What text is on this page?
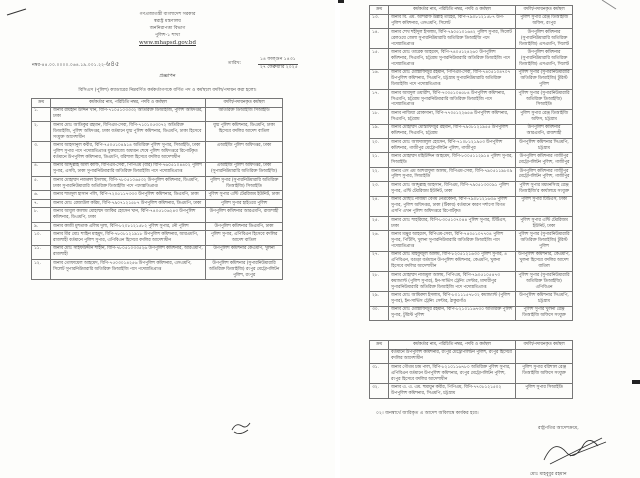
গণপ্রজাতন্ত্রী বাংলাদেশ সরকার
স্বরাষ্ট্র মন্ত্রণালয়
জননিরাপত্তা বিভাগ
পুলিশ-১ শাখা
www.mhapsd.gov.bd
নম্বর-৪৪.০০.০০০০.০৬৪.১৯.০০১.২২-৬৪৫	তারিখ:
১৪ ফাল্গুন ১৪৩১
২৭ ফেব্রুয়ারি ২০২৫
প্রজ্ঞাপন
বিসিএস (পুলিশ) ক্যাডারের নিম্নবর্ণিত কর্মকর্তাগণকে বর্ণিত পদ ও কর্মস্থলে বদলি/পদায়ন করা হলো।
ক্রম	কর্মকর্তার নাম, পরিচিতি নম্বর, পদবি ও কর্মস্থল	বদলি/পদায়নকৃত কর্মস্থল
১.	জনাব রায়হান উদ্দিন খান, বিপি-৭১০৫১০৩৩৩২ অতিরিক্ত ডিআইজি, পুলিশ অধিদপ্তর, ঢাকা	অতিরিক্ত ডিআইজি সিআইডি
২.	জনাব মোঃ আতিকুর রহমান, বিপিএম-সেবা, বিপি-৭১০১০৫৩০৭২ অতিরিক্ত ডিআইজি, পুলিশ অধিদপ্তর, ঢাকা বর্তমানে যুগ্ম পুলিশ কমিশনার, ডিএমপি, ঢাকা হিসেবে সংযুক্ত আদেশাধীন	যুগ্ম পুলিশ কমিশনার, ডিএমপি, ঢাকা হিসেবে বদলির আদেশ বাতিল
৩.	জনাব আহসানুল কবীর, বিপি-৭৫০৫১০৪৯১৪ অতিরিক্ত পুলিশ সুপার, সিআইডি, ঢাকা পুলিশ সুপার পদে পদোন্নতিপ্রাপ্ত যুক্তরাজ্যে অধ্যয়ন শেষে পুলিশ অধিদপ্তরে রিপোর্টকৃত বর্তমানে উপপুলিশ কমিশনার, ডিএমপি, বরিশাল হিসেবে বদলির আদেশাধীন	এআইজি পুলিশ অধিদপ্তর, ঢাকা
৪.	জনাব আব্দুল্লাহ আল কাফি, বিপিএম-সেবা, পিপিএম (বার) বিপি-৭৬০৫১০৪৪০২ পুলিশ সুপার, এসবি, ঢাকা সুপারনিউমারারি অতিরিক্ত ডিআইজি পদে পদোন্নতিপ্রাপ্ত	এআইজি পুলিশ অধিদপ্তর, ঢাকা (সুপারনিউমারারি অতিরিক্ত ডিআইজি)
৫.	জনাব মোহাম্মদ নজরুল ইসলাম, বিপি-৭৮০৫১০৬৫৩২ উপপুলিশ কমিশনার, ডিএমপি, ঢাকা সুপারনিউমারারি অতিরিক্ত ডিআইজি পদে পদোন্নতিপ্রাপ্ত	পুলিশ সুপার (সুপারনিউমারারি অতিরিক্ত ডিআইজি) সিআইডি
৬.	জনাব শামসুল হাসান পলি, বিপি-৭২০৫১১৭৩৩৩ উপপুলিশ কমিশনার, ডিএমপি, ঢাকা	পুলিশ সুপার এন্টি টেররিজম ইউনিট, ঢাকা
৭.	জনাব মোঃ রেজাউল করিম, বিপি-৭৯০৭১২১৫৮৭ উপপুলিশ কমিশনার, ডিএমপি, ঢাকা	পুলিশ সুপার হাইওয়ে পুলিশ
৮.	জনাব আবুল কালাম মোহাম্মদ জাকির হোসেন খান, বিপি-৭৪০৫১০৬২৪৩ উপপুলিশ কমিশনার, ডিএমপি, ঢাকা	উপপুলিশ কমিশনার আরএমপি, রাজশাহী
৯.	জনাব কাজী মুশতাক এলিম দুলা, বিপি-৮২০৮১২১৫৮২ পুলিশ সুপার, নৌ পুলিশ	উপপুলিশ কমিশনার ডিএমপি, ঢাকা
১০.	জনাব মীর মোঃ শাহিন মাহমুদ, বিপি-৭৮০৮১২১৯১৮ উপপুলিশ কমিশনার, আরএমপি, রাজশাহী বর্তমানে পুলিশ সুপার, এপিবিএন হিসেবে বদলির আদেশাধীন	পুলিশ সুপার, এপিবিএন হিসেবে বদলির আদেশ বাতিল
১১.	জনাব মোঃ সাইফউদ্দীন শাহীন, বিপি-৭৮০৫১০৩৩৫২৬ উপপুলিশ কমিশনার, আরএমপি, রাজশাহী	উপপুলিশ কমিশনার কেএমপি, খুলনা
১২.	জনাব তোফায়েল আহমেদ, বিপি-৭৫০৩০১৪২৫৬ উপপুলিশ কমিশনার, এসএমপি, সিলেট সুপারনিউমারারি অতিরিক্ত ডিআইজি পদে পদোন্নতিপ্রাপ্ত	উপপুলিশ কমিশনার (সুপারনিউমারারি অতিরিক্ত ডিআইজি) রংপুর মেট্রোপলিটন পুলিশ, রংপুর
ক্রম	কর্মকর্তার নাম, পরিচিতি নম্বর, পদবি ও কর্মস্থল	বদলি/পদায়নকৃত কর্মস্থল
১৩.	জনাব বি. এম. আশরাফ উল্লাহ তাহের, বিপি-৭৯০৮১২১৫৮৭ উপ-পুলিশ কমিশনার, এসএমপি, সিলেট	পুলিশ সুপার রেঞ্জ ডিআইজি অফিস, রংপুর
১৪.	জনাব শেখ শহীদুল ইসলাম, বিপি-৭৯০৫১০১৬৪২ পুলিশ সুপার, সিলেট রেলওয়ে জেলা সুপারনিউমারারি অতিরিক্ত ডিআইজি পদে পদোন্নতিপ্রাপ্ত	উপপুলিশ কমিশনার (সুপারনিউমারারি অতিরিক্ত ডিআইজি) এসএমপি, সিলেট
১৫.	জনাব মোঃ তারেক আহমেদ, বিপি-৭৪০৫১২৪২৬০ উপপুলিশ কমিশনার, সিএমপি, চট্টগ্রাম সুপারনিউমারারি অতিরিক্ত ডিআইজি পদে পদোন্নতিপ্রাপ্ত	উপপুলিশ কমিশনার (সুপারনিউমারারি অতিরিক্ত ডিআইজি) এসএমপি, সিলেট
১৬.	জনাব মোঃ মোস্তাফিজুর রহমান, পিপিএম-সেবা, বিপি-৭৪০৫১০৪৭০৭ উপপুলিশ কমিশনার, সিএমপি, চট্টগ্রাম সুপারনিউমারারি অতিরিক্ত ডিআইজি পদে পদোন্নতিপ্রাপ্ত	পুলিশ সুপার (সুপারনিউমারারি অতিরিক্ত ডিআইজি) টুরিস্ট পুলিশ
১৭.	জনাব আবদুল ওয়ারীশ, বিপি-৭৩০৫১০৪৫৮৪ উপপুলিশ কমিশনার, সিএমপি, চট্টগ্রাম সুপারনিউমারারি অতিরিক্ত ডিআইজি পদে পদোন্নতিপ্রাপ্ত	পুলিশ সুপার (সুপারনিউমারারি অতিরিক্ত ডিআইজি) সিআইডি
১৮.	জনাব নাজিয়া রোকসানা, বিপি-৭৭০৫১২২৬৫৬ উপপুলিশ কমিশনার, সিএমপি, চট্টগ্রাম	পুলিশ সুপার রেঞ্জ ডিআইজি অফিস, চট্টগ্রাম
১৯.	জনাব মোহাম্মদ মোস্তাফিজুর রহমান, বিপি-৭৯০৮১২১৯৫৫ উপপুলিশ কমিশনার, সিএমপি, চট্টগ্রাম	উপপুলিশ কমিশনার আরএমপি, রাজশাহী
২০.	জনাব মোঃ আফজালুল হোসেন, বিপি-৭১০৮১২১৯৫৩ উপপুলিশ কমিশনার, গাজীপুর মেট্রোপলিটন পুলিশ, গাজীপুর	উপপুলিশ কমিশনার সিএমপি, চট্টগ্রাম
২১.	জনাব মোহাম্মদ মহিউদ্দিন আহমেদ, বিপি-৮০০৫১১২৯১৪ পুলিশ সুপার, সিআইডি	উপপুলিশ কমিশনার গাজীপুর মেট্রোপলিটন পুলিশ, গাজীপুর
২২.	জনাব এস এম আশরাফুল আলম, বিপিএম-সেবা, বিপি-৭৯০৫১১৯৮০৯ পুলিশ সুপার, সিআইডি	উপপুলিশ কমিশনার গাজীপুর মেট্রোপলিটন পুলিশ, গাজীপুর
২৩.	জনাব মোঃ আব্দুল্লাহ আহসান, বিপিএম, বিপি-৭৯০৫১৩০০৯১ পুলিশ সুপার, এন্টি টেররিজম ইউনিট, ঢাকা	পুলিশ সুপার ময়মনসিংহ রেঞ্জ ডিআইজি'র কার্যালয়ে সংযুক্ত
২৪.	জনাব মোছাঃ নাজমা বেগম নেত্রকোনা, বিপি-৭৯০৮১২১৬৩৬ পুলিশ সুপার, পুলিশ অধিদপ্তর, ঢাকা (টিকায়) বর্তমানে কারণ দর্শাণো বিগত এসপি এখন পুলিশ অধিদপ্তরে রিপোর্টকৃত	পুলিশ সুপার টিটিএস, ঢাকা
২৫.	জনাব মোঃ শাহরিয়ার, বিপি-৮৩০৫১০৭০৪৪ পুলিশ সুপার, টিটিএস, ঢাকা	পুলিশ সুপার এন্টি টেররিজম ইউনিট, ঢাকা
২৬.	জনাব মঞ্জুর আহমেদ, বিপিএম-সেবা, বিপি-৭৪০৫১০৭৭০৪ পুলিশ সুপার, পিটিসি, খুলনা সুপারনিউমারারি অতিরিক্ত ডিআইজি পদে পদোন্নতিপ্রাপ্ত	পুলিশ সুপার (সুপারনিউমারারি অতিরিক্ত ডিআইজি) টুরিস্ট পুলিশ
২৭.	জনাব মোঃ মাহফুজুল আলম, বিপি-৮২০৫১২১৬৩৩ পুলিশ সুপার, ৪ এপিবিএন, বগুড়া বর্তমানে উপপুলিশ কমিশনার, কেএমপি, খুলনা হিসেবে বদলির আদেশাধীন	উপপুলিশ কমিশনার, কেএমপি, খুলনা হিসেবে বদলির আদেশ বাতিল
২৮.	জনাব মোহাম্মদ নাজমুল আলম, পিপিএম, বিপি-৭৯০৫১০৫৪৭৩ কমান্ড্যান্ট (পুলিশ সুপার), ইন-সার্ভিস ট্রেনিং সেন্টার, মাদারীপুর সুপারনিউমারারি অতিরিক্ত ডিআইজি পদে পদোন্নতিপ্রাপ্ত	পুলিশ সুপার (সুপারনিউমারারি অতিরিক্ত ডিআইজি) এপিবিএন
২৯.	জনাব মোঃ আমিরুল ইসলাম, বিপি-৮০১১১৫৭৮০২ কমান্ড্যান্ট (পুলিশ সুপার), ইন-সার্ভিস ট্রেনিং সেন্টার, ঠাকুরগাঁও	উপপুলিশ কমিশনার সিএমপি, চট্টগ্রাম
৩০.	জনাব মোঃ মোস্তাফিজুর রহমান, বিপি-৮২১০১১৬৭৩০ অতিরিক্ত পুলিশ সুপার, টুরিস্ট পুলিশ	পুলিশ সুপার খুলনা রেঞ্জ ডিআইজি অফিসে সংযুক্ত
ক্রম	কর্মকর্তার নাম, পরিচিতি নম্বর, পদবি ও কর্মস্থল	বদলি/পদায়নকৃত কর্মস্থল
	বর্তমানে উপপুলিশ কমিশনার, রংপুর মেট্রোপলিটন পুলিশ, রংপুর হিসেবে বদলির আদেশাধীন	
৩১.	জনাব গৌতম চন্দ্র পাল, বিপি-৮২১০১১৬৭৮০ অতিরিক্ত পুলিশ সুপার, এপিবিএন বর্তমানে উপপুলিশ কমিশনার, রংপুর মেট্রোপলিটন পুলিশ, রংপুর হিসেবে বদলির আদেশাধীন	পুলিশ সুপার বরিশাল রেঞ্জ ডিআইজি অফিসে সংযুক্ত
৩২.	জনাব এ. এ. এম. হুমায়ুন কবীর, পিপিএম, বিপি-৭৭০৮১২১৫০২ উপপুলিশ কমিশনার, সিএমপি, চট্টগ্রাম	পুলিশ সুপার সিআইডি
০২। জনস্বার্থে জারিকৃত এ আদেশ অবিলম্বে কার্যকর হবে।
রাষ্ট্রপতির আদেশক্রমে,
মোঃ মাহবুবুর রহমান
